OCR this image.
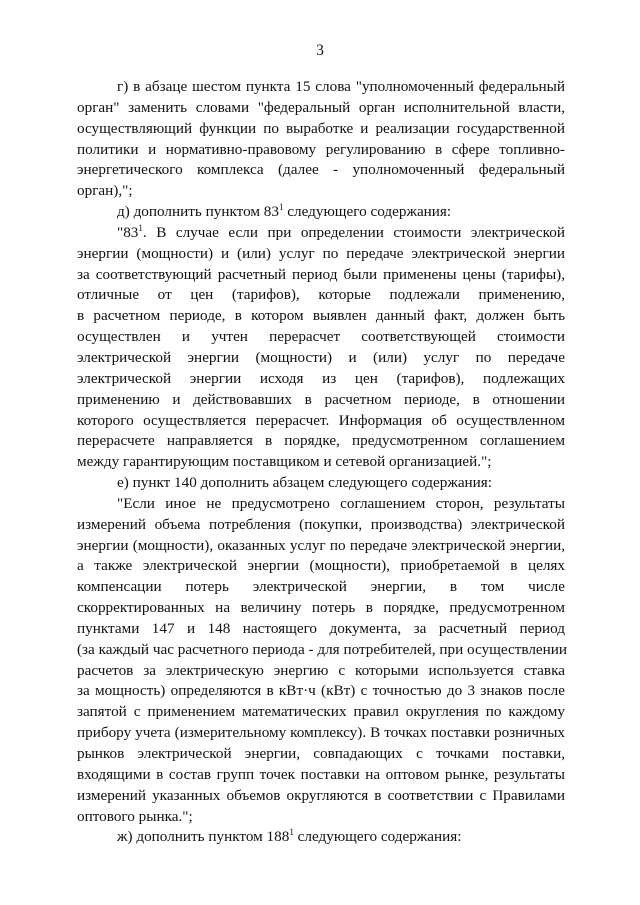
3
г) в абзаце шестом пункта 15 слова "уполномоченный федеральный
орган" заменить словами "федеральный орган исполнительной власти,
осуществляющий функции по выработке и реализации государственной
политики и нормативно-правовому регулированию в сфере топливно-
энергетического комплекса (далее - уполномоченный федеральный
орган),";
д) дополнить пунктом $83^1$ следующего содержания:
"$83^1$. В случае если при определении стоимости электрической
энергии (мощности) и (или) услуг по передаче электрической энергии
за соответствующий расчетный период были применены цены (тарифы),
отличные от цен (тарифов), которые подлежали применению,
в расчетном периоде, в котором выявлен данный факт, должен быть
осуществлен и учтен перерасчет соответствующей стоимости
электрической энергии (мощности) и (или) услуг по передаче
электрической энергии исходя из цен (тарифов), подлежащих
применению и действовавших в расчетном периоде, в отношении
которого осуществляется перерасчет. Информация об осуществленном
перерасчете направляется в порядке, предусмотренном соглашением
между гарантирующим поставщиком и сетевой организацией.";
е) пункт 140 дополнить абзацем следующего содержания:
"Если иное не предусмотрено соглашением сторон, результаты
измерений объема потребления (покупки, производства) электрической
энергии (мощности), оказанных услуг по передаче электрической энергии,
а также электрической энергии (мощности), приобретаемой в целях
компенсации потерь электрической энергии, в том числе
скорректированных на величину потерь в порядке, предусмотренном
пунктами 147 и 148 настоящего документа, за расчетный период
(за каждый час расчетного периода - для потребителей, при осуществлении
расчетов за электрическую энергию с которыми используется ставка
за мощность) определяются в кВт·ч (кВт) с точностью до 3 знаков после
запятой с применением математических правил округления по каждому
прибору учета (измерительному комплексу). В точках поставки розничных
рынков электрической энергии, совпадающих с точками поставки,
входящими в состав групп точек поставки на оптовом рынке, результаты
измерений указанных объемов округляются в соответствии с Правилами
оптового рынка.";
ж) дополнить пунктом $188^1$ следующего содержания:
